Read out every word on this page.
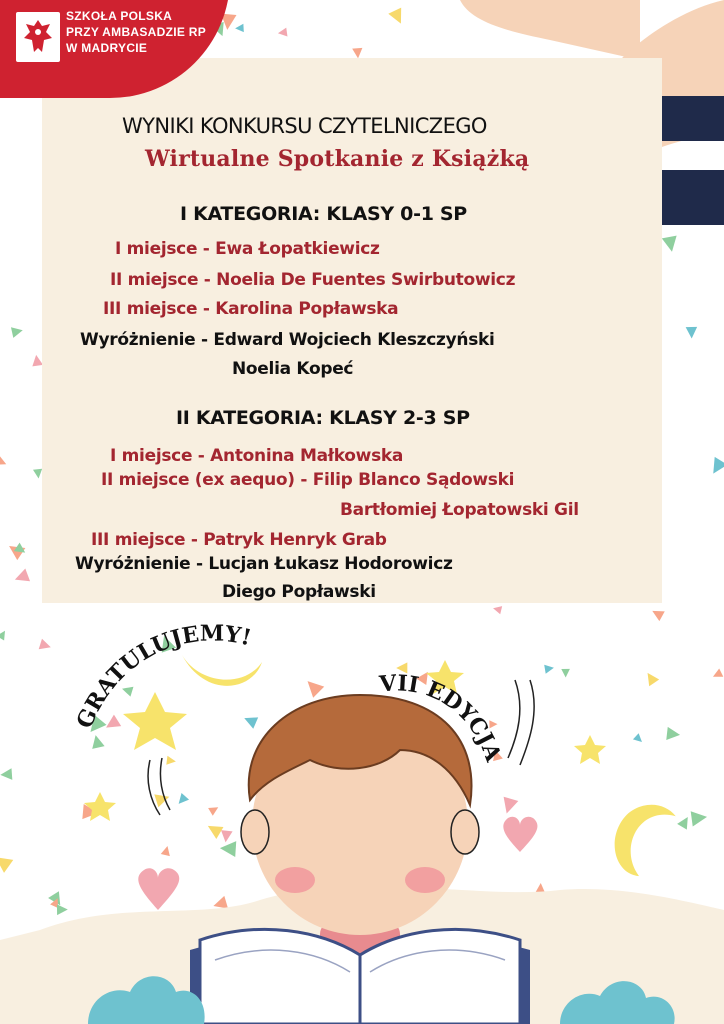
SZKOŁA POLSKA
PRZY AMBASADZIE RP
W MADRYCIE
WYNIKI KONKURSU CZYTELNICZEGO
Wirtualne Spotkanie z Książką
I KATEGORIA: KLASY 0-1 SP
I miejsce - Ewa Łopatkiewicz
II miejsce - Noelia De Fuentes Swirbutowicz
III miejsce - Karolina Popławska
Wyróżnienie - Edward Wojciech Kleszczyński
Noelia Kopeć
II KATEGORIA: KLASY 2-3 SP
I miejsce - Antonina Małkowska
II miejsce (ex aequo) - Filip Blanco Sądowski
Bartłomiej Łopatowski Gil
III miejsce - Patryk Henryk Grab
Wyróżnienie - Lucjan Łukasz Hodorowicz
Diego Popławski
GRATULUJEMY!
VII EDYCJA
